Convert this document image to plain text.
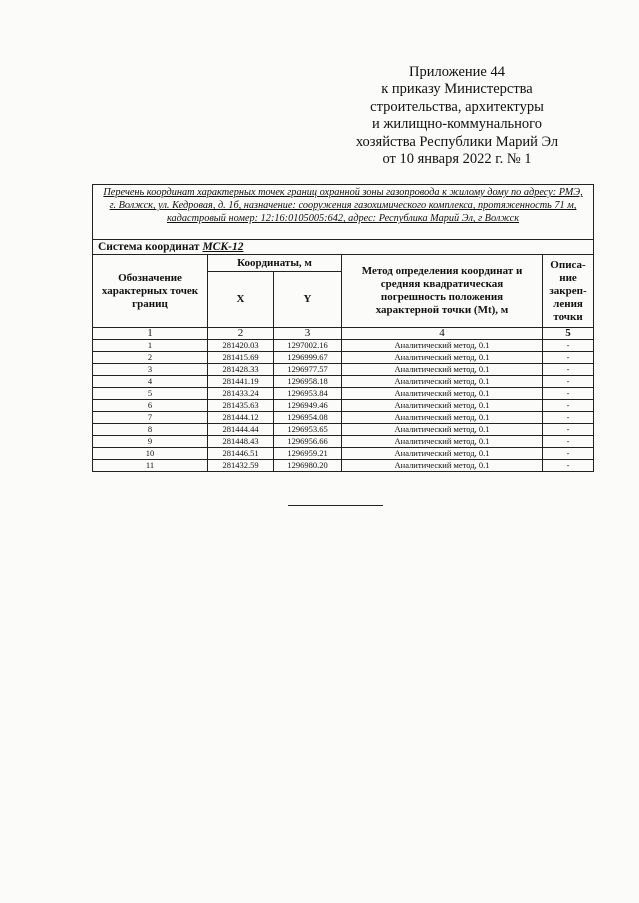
Приложение 44
к приказу Министерства
строительства, архитектуры
и жилищно-коммунального
хозяйства Республики Марий Эл
от 10 января 2022 г. № 1
Перечень координат характерных точек границ охранной зоны газопровода к жилому дому по адресу: РМЭ, г. Волжск, ул. Кедровая, д. 1б, назначение: сооружения газохимического комплекса, протяженность 71 м, кадастровый номер: 12:16:0105005:642, адрес: Республика Марий Эл, г Волжск				
Система координат МСК-12				
Обозначение характерных точек границ	Координаты, м		Метод определения координат и средняя квадратическая погрешность положения характерной точки (Mt), м	Описа-ние закреп-ления точки
	X	Y		
1	2	3	4	5
1	281420.03	1297002.16	Аналитический метод, 0.1	-
2	281415.69	1296999.67	Аналитический метод, 0.1	-
3	281428.33	1296977.57	Аналитический метод, 0.1	-
4	281441.19	1296958.18	Аналитический метод, 0.1	-
5	281433.24	1296953.84	Аналитический метод, 0.1	-
6	281435.63	1296949.46	Аналитический метод, 0.1	-
7	281444.12	1296954.08	Аналитический метод, 0.1	-
8	281444.44	1296953.65	Аналитический метод, 0.1	-
9	281448.43	1296956.66	Аналитический метод, 0.1	-
10	281446.51	1296959.21	Аналитический метод, 0.1	-
11	281432.59	1296980.20	Аналитический метод, 0.1	-
